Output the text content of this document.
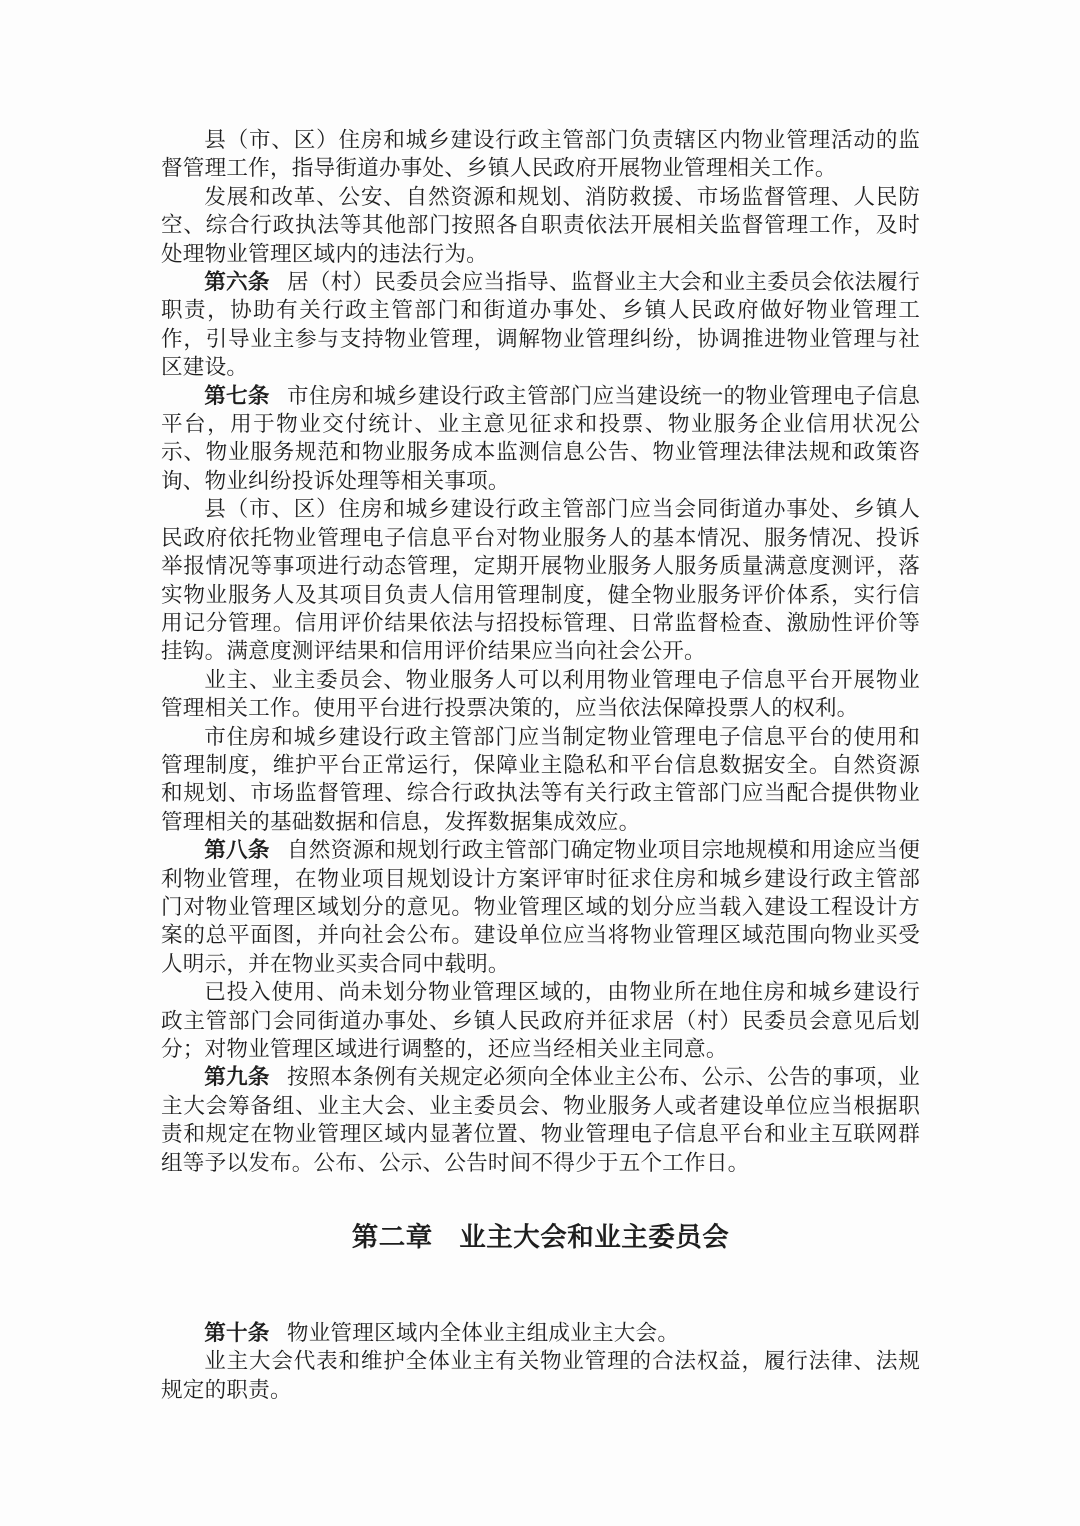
县（市、区）住房和城乡建设行政主管部门负责辖区内物业管理活动的监督管理工作，指导街道办事处、乡镇人民政府开展物业管理相关工作。

发展和改革、公安、自然资源和规划、消防救援、市场监督管理、人民防空、综合行政执法等其他部门按照各自职责依法开展相关监督管理工作，及时处理物业管理区域内的违法行为。

第六条 居（村）民委员会应当指导、监督业主大会和业主委员会依法履行职责，协助有关行政主管部门和街道办事处、乡镇人民政府做好物业管理工作，引导业主参与支持物业管理，调解物业管理纠纷，协调推进物业管理与社区建设。

第七条 市住房和城乡建设行政主管部门应当建设统一的物业管理电子信息平台，用于物业交付统计、业主意见征求和投票、物业服务企业信用状况公示、物业服务规范和物业服务成本监测信息公告、物业管理法律法规和政策咨询、物业纠纷投诉处理等相关事项。

县（市、区）住房和城乡建设行政主管部门应当会同街道办事处、乡镇人民政府依托物业管理电子信息平台对物业服务人的基本情况、服务情况、投诉举报情况等事项进行动态管理，定期开展物业服务人服务质量满意度测评，落实物业服务人及其项目负责人信用管理制度，健全物业服务评价体系，实行信用记分管理。信用评价结果依法与招投标管理、日常监督检查、激励性评价等挂钩。满意度测评结果和信用评价结果应当向社会公开。

业主、业主委员会、物业服务人可以利用物业管理电子信息平台开展物业管理相关工作。使用平台进行投票决策的，应当依法保障投票人的权利。

市住房和城乡建设行政主管部门应当制定物业管理电子信息平台的使用和管理制度，维护平台正常运行，保障业主隐私和平台信息数据安全。自然资源和规划、市场监督管理、综合行政执法等有关行政主管部门应当配合提供物业管理相关的基础数据和信息，发挥数据集成效应。

第八条 自然资源和规划行政主管部门确定物业项目宗地规模和用途应当便利物业管理，在物业项目规划设计方案评审时征求住房和城乡建设行政主管部门对物业管理区域划分的意见。物业管理区域的划分应当载入建设工程设计方案的总平面图，并向社会公布。建设单位应当将物业管理区域范围向物业买受人明示，并在物业买卖合同中载明。

已投入使用、尚未划分物业管理区域的，由物业所在地住房和城乡建设行政主管部门会同街道办事处、乡镇人民政府并征求居（村）民委员会意见后划分；对物业管理区域进行调整的，还应当经相关业主同意。

第九条 按照本条例有关规定必须向全体业主公布、公示、公告的事项，业主大会筹备组、业主大会、业主委员会、物业服务人或者建设单位应当根据职责和规定在物业管理区域内显著位置、物业管理电子信息平台和业主互联网群组等予以发布。公布、公示、公告时间不得少于五个工作日。

第二章 业主大会和业主委员会

第十条 物业管理区域内全体业主组成业主大会。

业主大会代表和维护全体业主有关物业管理的合法权益，履行法律、法规规定的职责。
